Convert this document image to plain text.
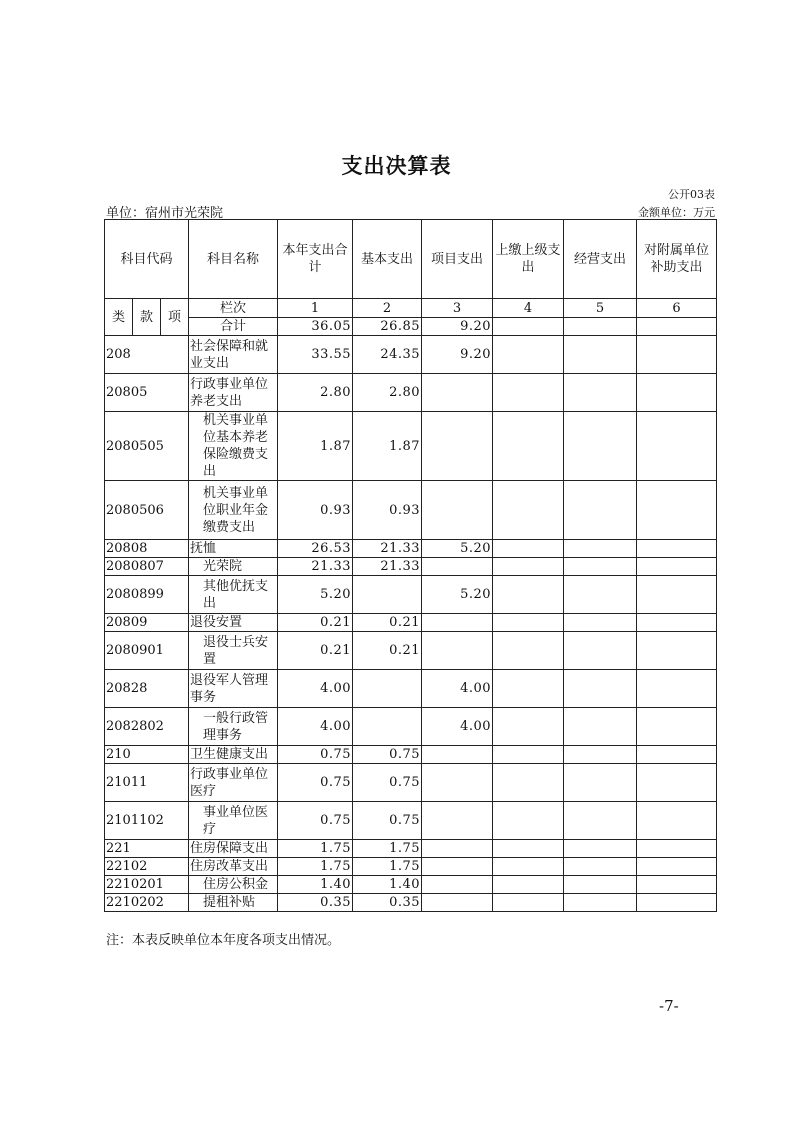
支出决算表
公开03表
单位：宿州市光荣院	金额单位：万元
科目代码			科目名称	本年支出合计	基本支出	项目支出	上缴上级支出	经营支出	对附属单位补助支出
类	款	项	栏次	1	2	3	4	5	6
			合计	36.05	26.85	9.20			
208			社会保障和就业支出	33.55	24.35	9.20			
20805			行政事业单位养老支出	2.80	2.80				
2080505			机关事业单位基本养老保险缴费支出	1.87	1.87				
2080506			机关事业单位职业年金缴费支出	0.93	0.93				
20808			抚恤	26.53	21.33	5.20			
2080807			光荣院	21.33	21.33				
2080899			其他优抚支出	5.20		5.20			
20809			退役安置	0.21	0.21				
2080901			退役士兵安置	0.21	0.21				
20828			退役军人管理事务	4.00		4.00			
2082802			一般行政管理事务	4.00		4.00			
210			卫生健康支出	0.75	0.75				
21011			行政事业单位医疗	0.75	0.75				
2101102			事业单位医疗	0.75	0.75				
221			住房保障支出	1.75	1.75				
22102			住房改革支出	1.75	1.75				
2210201			住房公积金	1.40	1.40				
2210202			提租补贴	0.35	0.35				
注：本表反映单位本年度各项支出情况。
-7-
